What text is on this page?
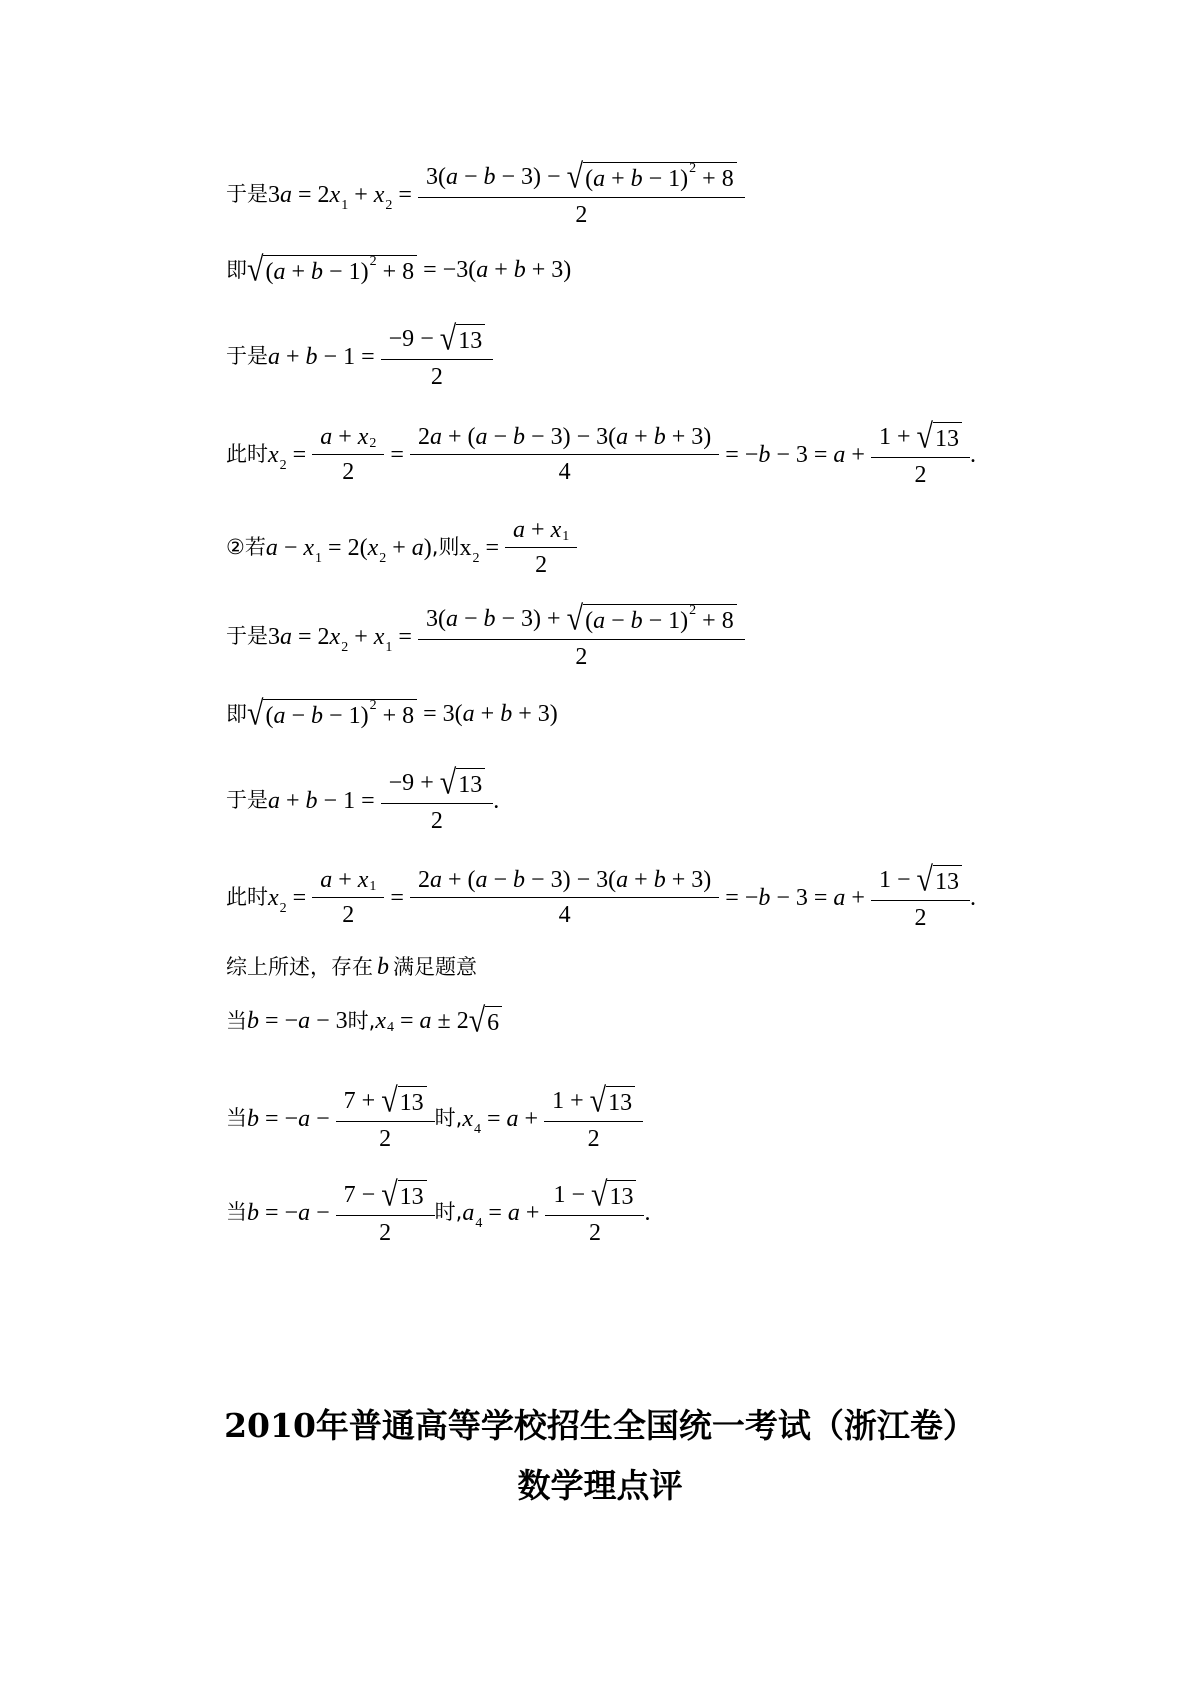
于是 $3a = 2x_1 + x_2 = \frac{3( a - b - 3) - √ ( a + b - 1) 2 + 8}{2}$
即 √ ( a + b − 1) 2 + 8 = −3( a + b + 3)
于是 $a + b - 1 = \frac{-9 - √ 13}{2}$
此时 $x_2 = \frac{a + x 2}{2} = \frac{2 a + ( a - b - 3) - 3( a + b + 3)}{4}$ = − $b - 3 = a + \frac{1 + √ 13}{2}$ .
②若 $a - x_1 = 2(x_2 + a)$ ,则 $x_2 = \frac{a + x 1}{2}$
于是 $3a = 2x_2 + x_1 = \frac{3( a - b - 3) + √ ( a - b - 1) 2 + 8}{2}$
即 √ ( a − b − 1) 2 + 8 = 3( a + b + 3)
于是 $a + b - 1 = \frac{-9 + √ 13}{2}$ .
此时 $x_2 = \frac{a + x 1}{2} = \frac{2 a + ( a - b - 3) - 3( a + b + 3)}{4}$ = − $b - 3 = a + \frac{1 - √ 13}{2}$ .
综上所述，存在 b 满足题意
当 b = −a − 3 时, x 4 = a ± 2 √ 6
当 $b = -a - \frac{7 + √ 13}{2}$ 时, $x_4 = a + \frac{1 + √ 13}{2}$
当 $b = -a - \frac{7 - √ 13}{2}$ 时, $a_4 = a + \frac{1 - √ 13}{2}$ .
2010年普通高等学校招生全国统一考试（浙江卷）
数学理点评
